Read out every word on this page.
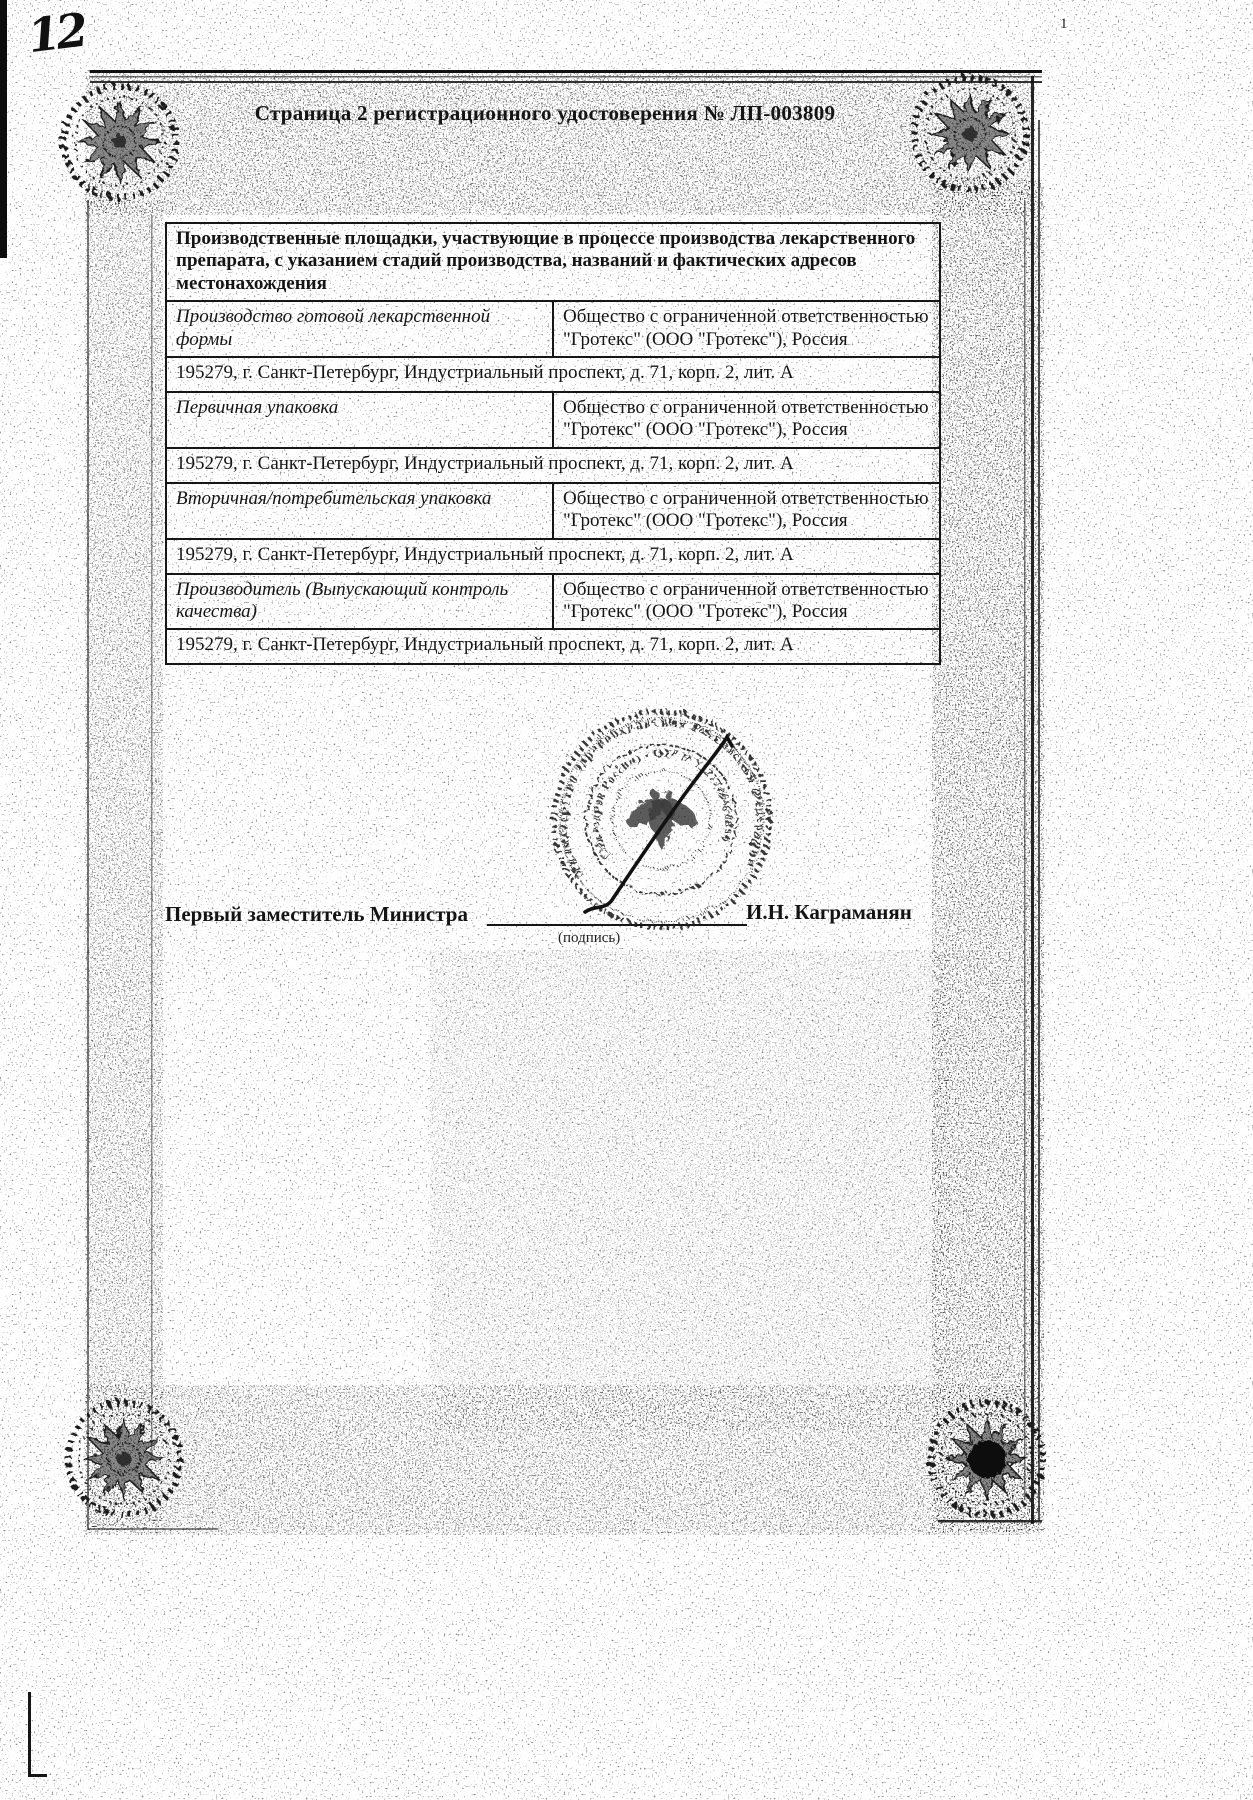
12	1
Страница 2 регистрационного удостоверения № ЛП-003809
Производственные площадки, участвующие в процессе производства лекарственного препарата, с указанием стадий производства, названий и фактических адресов местонахождения	
Производство готовой лекарственной формы	Общество с ограниченной ответственностью "Гротекс" (ООО "Гротекс"), Россия
195279, г. Санкт-Петербург, Индустриальный проспект, д. 71, корп. 2, лит. А	
Первичная упаковка	Общество с ограниченной ответственностью "Гротекс" (ООО "Гротекс"), Россия
195279, г. Санкт-Петербург, Индустриальный проспект, д. 71, корп. 2, лит. А	
Вторичная/потребительская упаковка	Общество с ограниченной ответственностью "Гротекс" (ООО "Гротекс"), Россия
195279, г. Санкт-Петербург, Индустриальный проспект, д. 71, корп. 2, лит. А	
Производитель (Выпускающий контроль качества)	Общество с ограниченной ответственностью "Гротекс" (ООО "Гротекс"), Россия
195279, г. Санкт-Петербург, Индустриальный проспект, д. 71, корп. 2, лит. А	
Первый заместитель Министра
(подпись)
И.Н. Каграманян
Министерство здравоохранения Российской Федерации
(Минздрав России) • ОГРН 1127746460896
